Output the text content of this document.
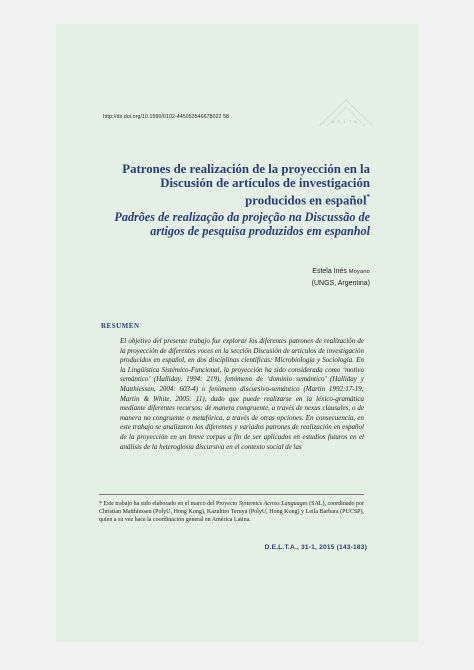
http://dx.doi.org/10.1590/0102-445053546678022 58
D.E.L.T.A.
Patrones de realización de la proyección en la Discusión de artículos de investigación producidos en español*
Padrões de realização da projeção na Discussão de artigos de pesquisa produzidos em espanhol
Estela Inés Moyano
(UNGS, Argentina)
RESUMEN

El objetivo del presente trabajo fue explorar los diferentes patrones de realización de la proyección de diferentes voces en la sección Discusión de artículos de investigación producidos en español, en dos disciplinas científicas: Microbiología y Sociología. En la Lingüística Sistémico-Funcional, la proyección ha sido considerada como ‘motivo semántico’ (Halliday, 1994: 219), fenómeno de ‘dominio semántico’ (Halliday y Matthiessen, 2004: 603-4) o fenómeno discursivo-semántico (Martin 1992:17-19; Martin & White, 2005: 11), dado que puede realizarse en la léxico-gramática mediante diferentes recursos: de manera congruente, a través de nexus clausales, o de manera no congruente o metafórica, a través de otras opciones. En consecuencia, en este trabajo se analizaron los diferentes y variados patrones de realización en español de la proyección en un breve corpus a fin de ser aplicados en estudios futuros en el análisis de la heteroglosia discursiva en el contexto social de las

* Este trabajo ha sido elaborado en el marco del Proyecto Systemics Across Languages (SAL), coordinado por Christian Matthiessen (PolyU, Hong Kong), Kazuhiro Teruya (PolyU, Hong Kong) y Leila Barbara (PUCSP), quien a su vez hace la coordinación general en América Latina.

D.E.L.T.A., 31-1, 2015 (143-183)
